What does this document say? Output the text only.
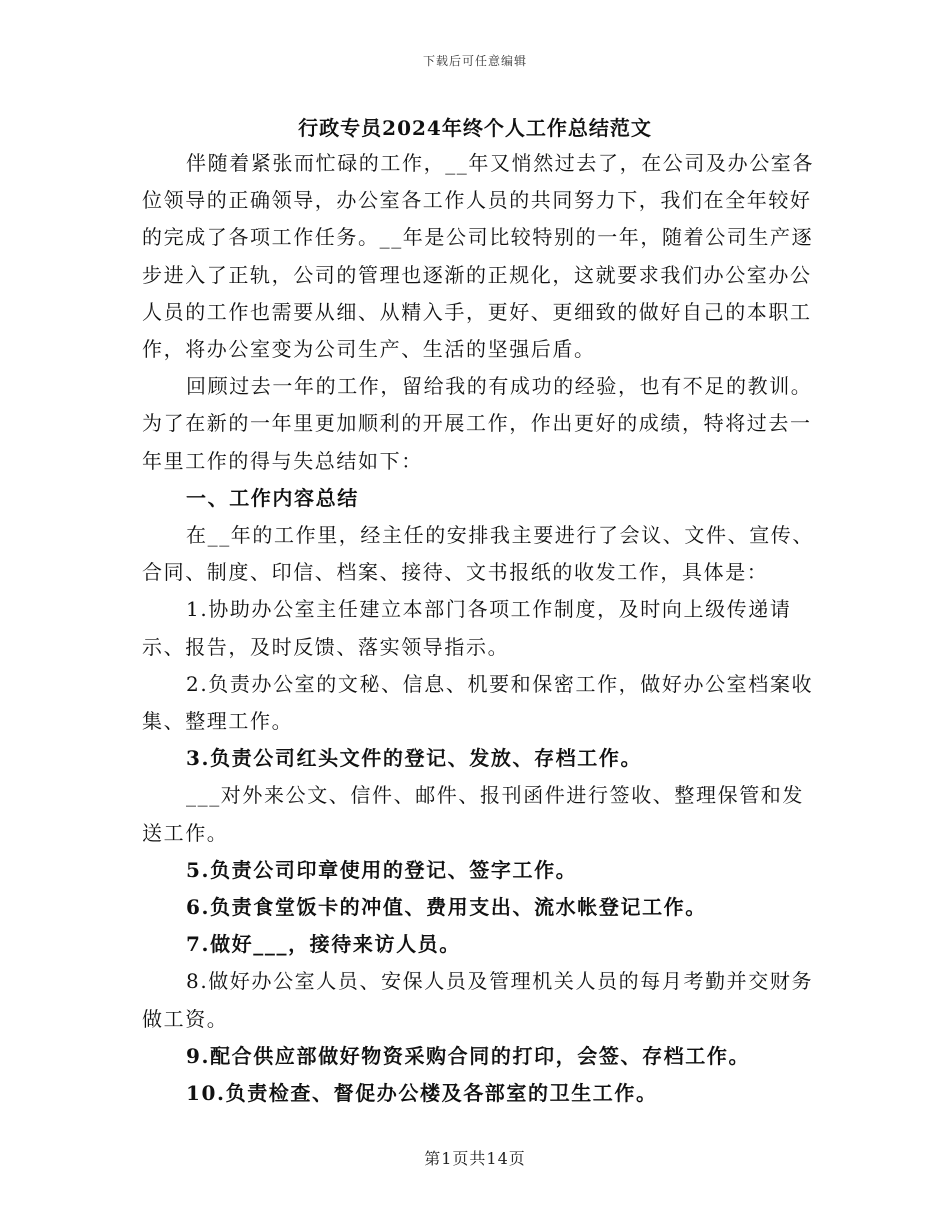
下载后可任意编辑
行政专员2024年终个人工作总结范文

伴随着紧张而忙碌的工作，__年又悄然过去了，在公司及办公室各位领导的正确领导，办公室各工作人员的共同努力下，我们在全年较好的完成了各项工作任务。__年是公司比较特别的一年，随着公司生产逐步进入了正轨，公司的管理也逐渐的正规化，这就要求我们办公室办公人员的工作也需要从细、从精入手，更好、更细致的做好自己的本职工作，将办公室变为公司生产、生活的坚强后盾。

回顾过去一年的工作，留给我的有成功的经验，也有不足的教训。为了在新的一年里更加顺利的开展工作，作出更好的成绩，特将过去一年里工作的得与失总结如下：

一、工作内容总结

在__年的工作里，经主任的安排我主要进行了会议、文件、宣传、合同、制度、印信、档案、接待、文书报纸的收发工作，具体是：

1.协助办公室主任建立本部门各项工作制度，及时向上级传递请示、报告，及时反馈、落实领导指示。

2.负责办公室的文秘、信息、机要和保密工作，做好办公室档案收集、整理工作。

3.负责公司红头文件的登记、发放、存档工作。

___对外来公文、信件、邮件、报刊函件进行签收、整理保管和发送工作。

5.负责公司印章使用的登记、签字工作。

6.负责食堂饭卡的冲值、费用支出、流水帐登记工作。

7.做好___，接待来访人员。

8.做好办公室人员、安保人员及管理机关人员的每月考勤并交财务做工资。

9.配合供应部做好物资采购合同的打印，会签、存档工作。

10.负责检查、督促办公楼及各部室的卫生工作。

第1页共14页
